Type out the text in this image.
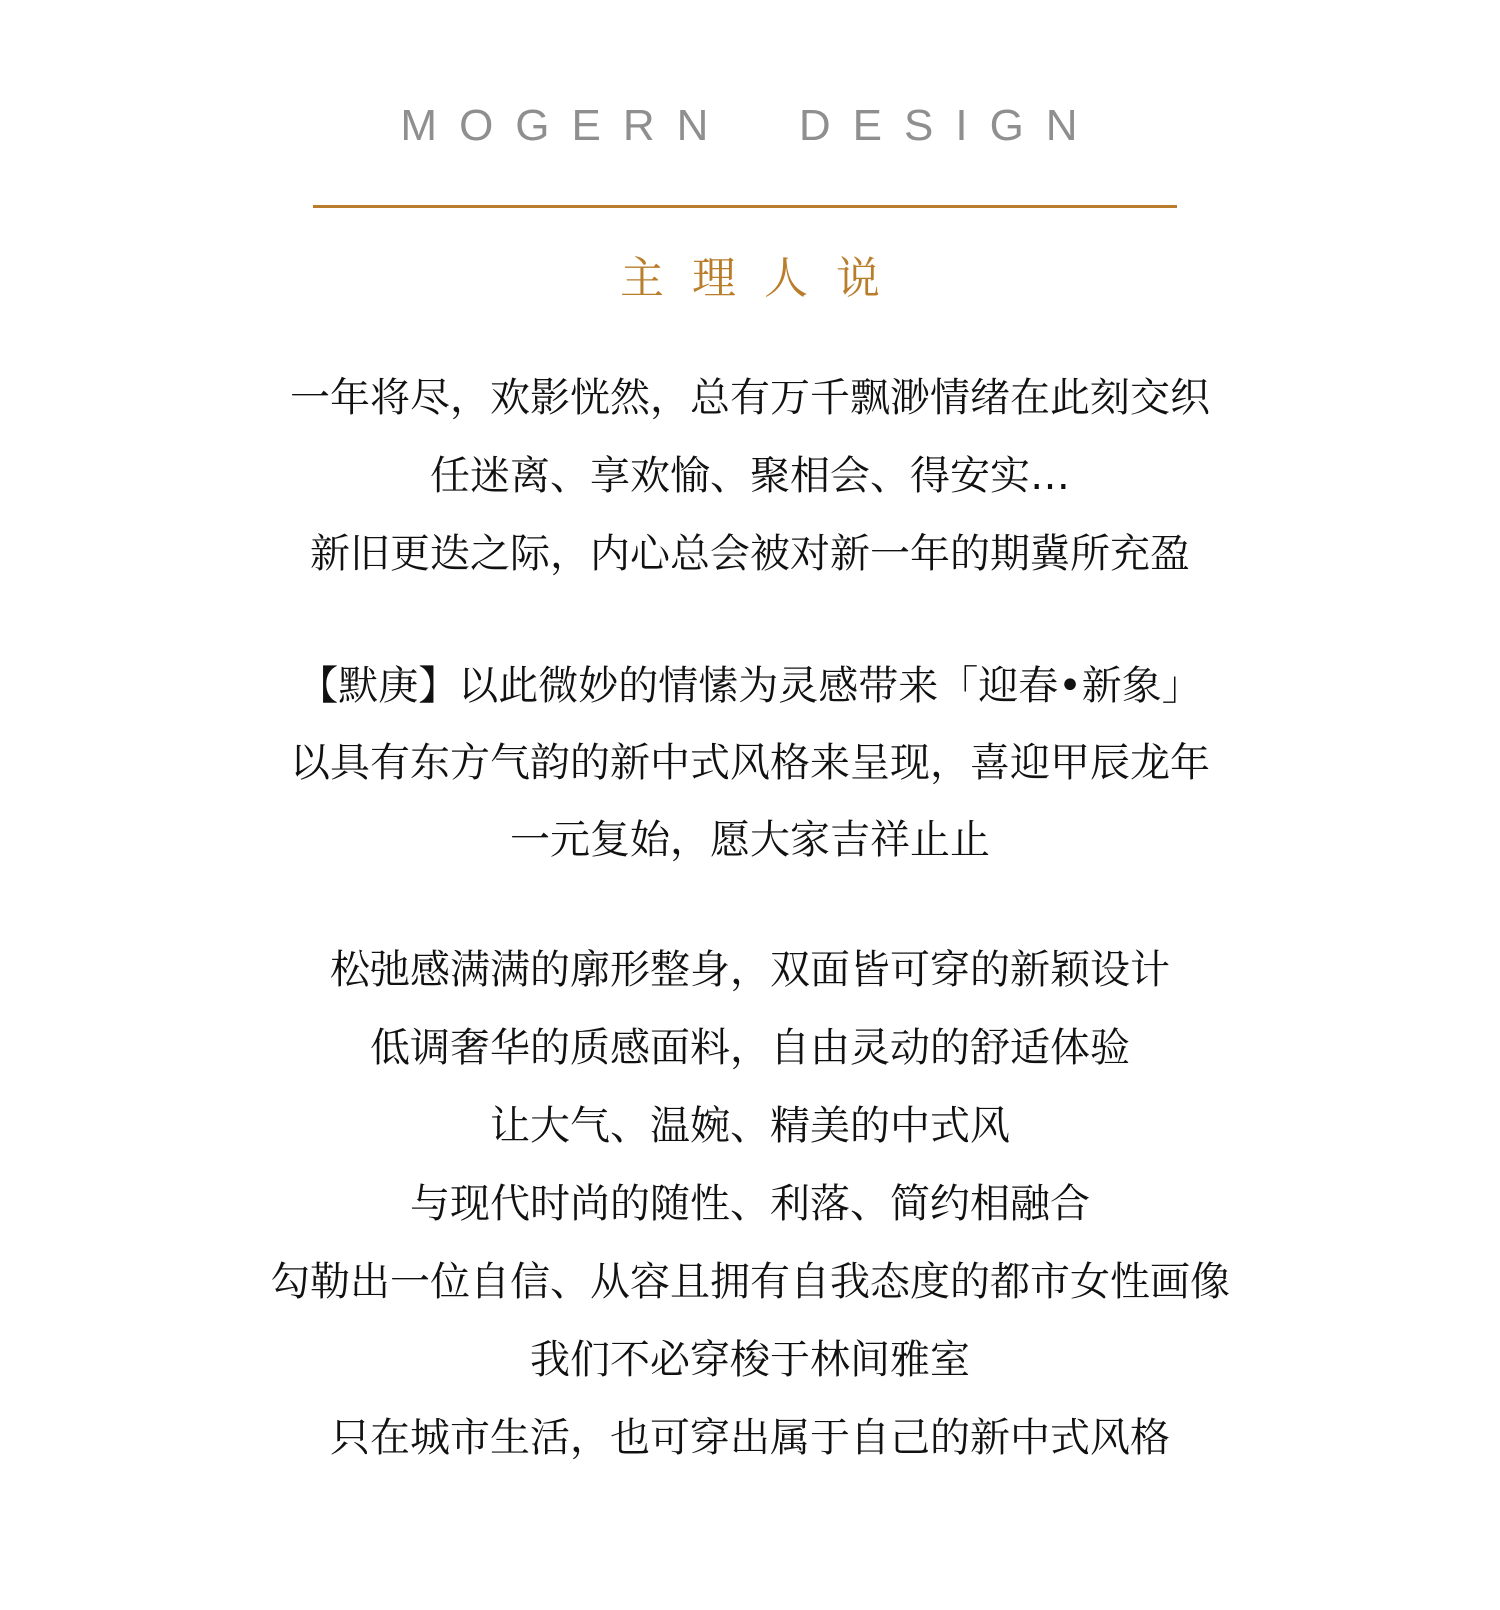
MOGERN  DESIGN
主理人说
一年将尽，欢影恍然，总有万千飘渺情绪在此刻交织
任迷离、享欢愉、聚相会、得安实…
新旧更迭之际，内心总会被对新一年的期冀所充盈
【默庚】以此微妙的情愫为灵感带来「迎春•新象」
以具有东方气韵的新中式风格来呈现，喜迎甲辰龙年
一元复始，愿大家吉祥止止
松弛感满满的廓形整身，双面皆可穿的新颖设计
低调奢华的质感面料，自由灵动的舒适体验
让大气、温婉、精美的中式风
与现代时尚的随性、利落、简约相融合
勾勒出一位自信、从容且拥有自我态度的都市女性画像
我们不必穿梭于林间雅室
只在城市生活，也可穿出属于自己的新中式风格
